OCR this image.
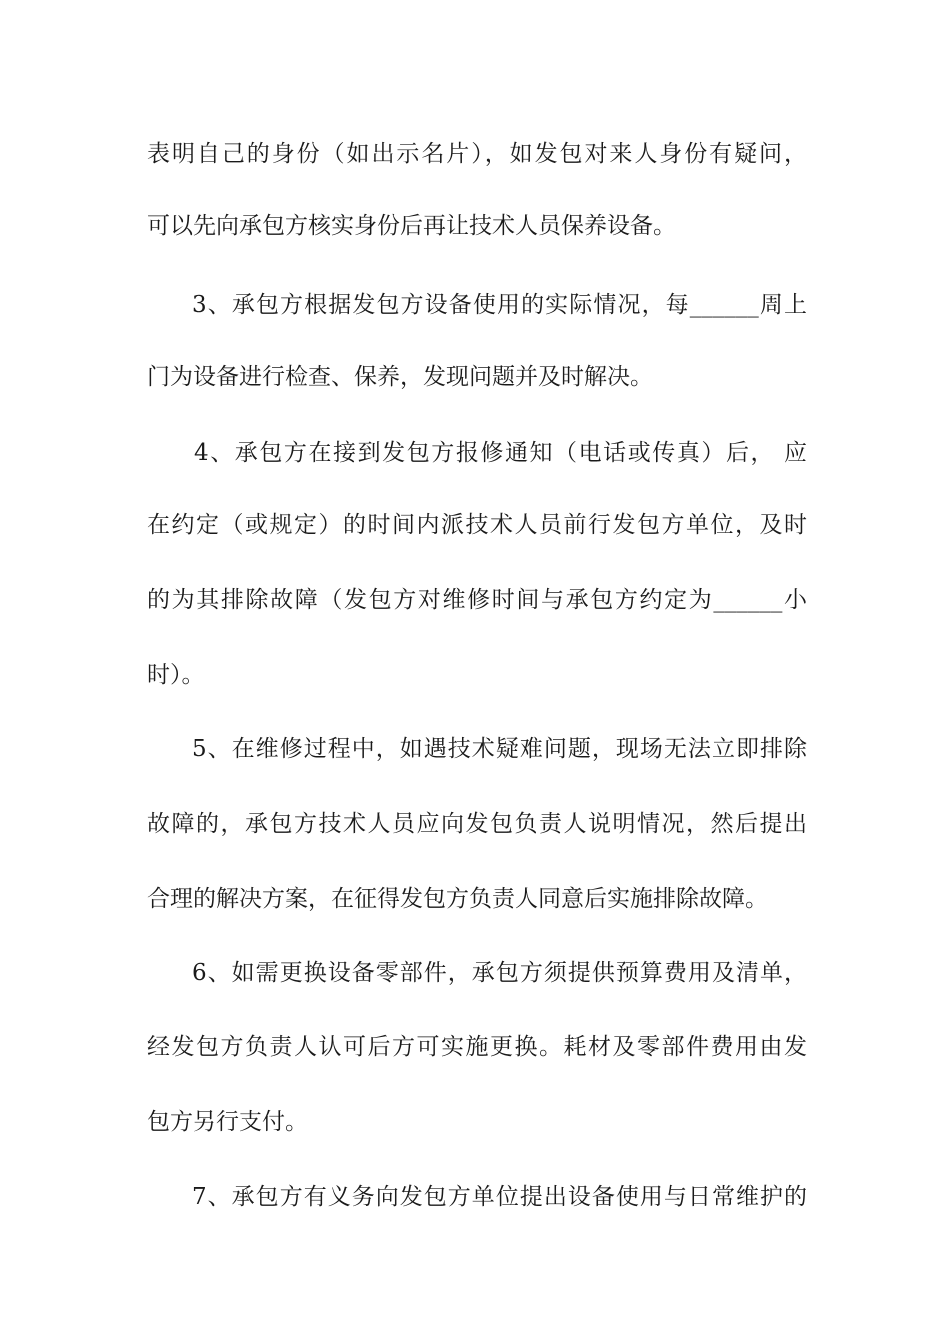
表明自己的身份（如出示名片），如发包对来人身份有疑问，
可以先向承包方核实身份后再让技术人员保养设备。
3、承包方根据发包方设备使用的实际情况，每______周上
门为设备进行检查、保养，发现问题并及时解决。
4、承包方在接到发包方报修通知（电话或传真）后， 应
在约定（或规定）的时间内派技术人员前行发包方单位，及时
的为其排除故障（发包方对维修时间与承包方约定为______小
时）。
5、在维修过程中，如遇技术疑难问题，现场无法立即排除
故障的，承包方技术人员应向发包负责人说明情况，然后提出
合理的解决方案，在征得发包方负责人同意后实施排除故障。
6、如需更换设备零部件，承包方须提供预算费用及清单，
经发包方负责人认可后方可实施更换。耗材及零部件费用由发
包方另行支付。
7、承包方有义务向发包方单位提出设备使用与日常维护的
